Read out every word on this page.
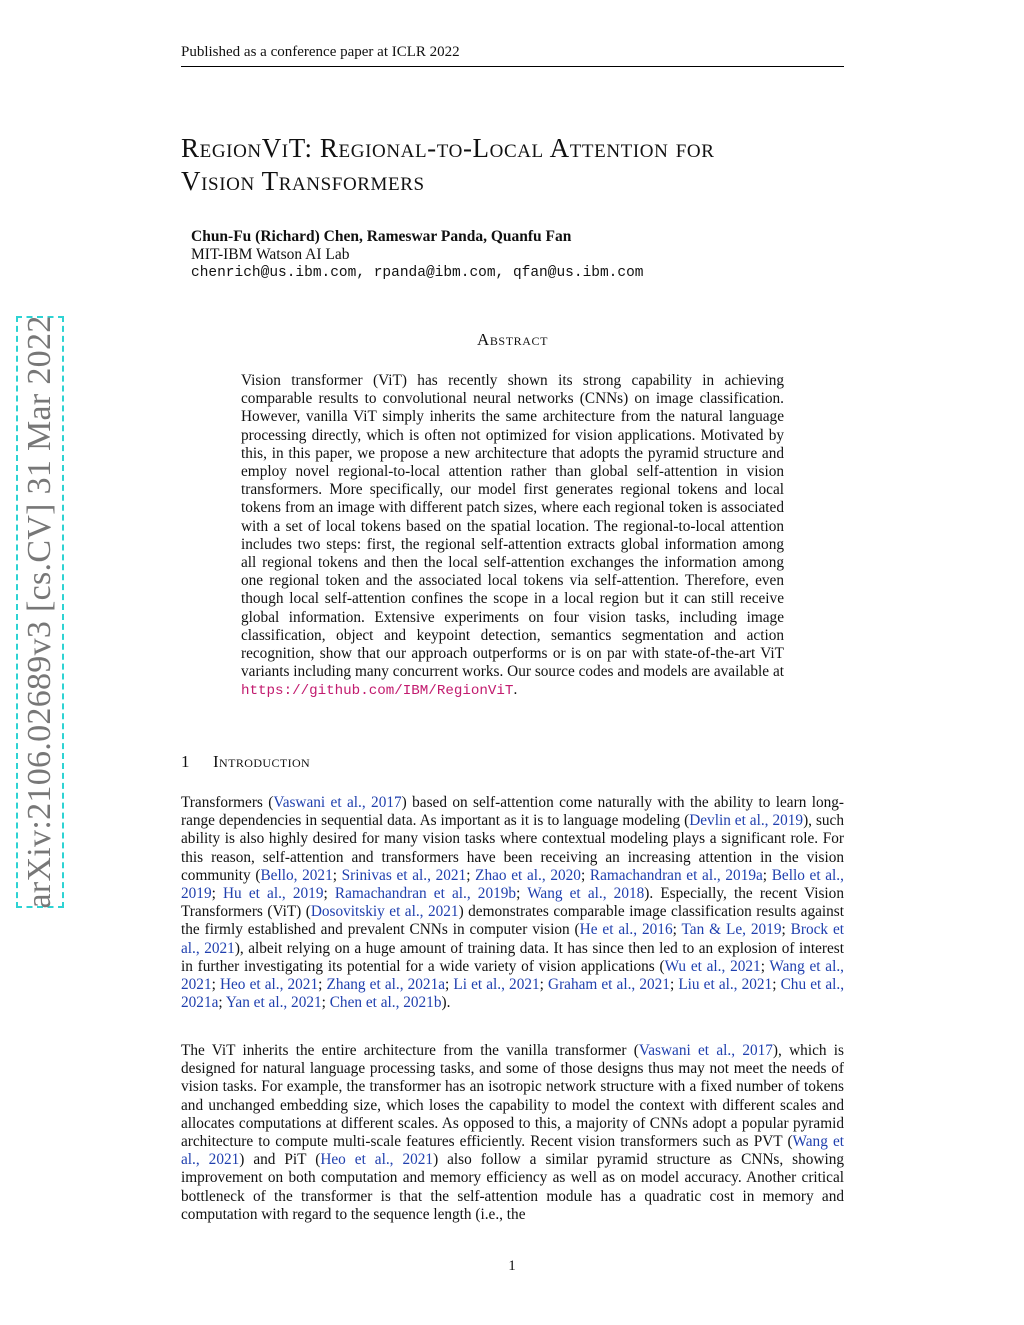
Published as a conference paper at ICLR 2022
arXiv:2106.02689v3 [cs.CV] 31 Mar 2022
RegionViT: Regional-to-Local Attention for
Vision Transformers
Chun-Fu (Richard) Chen, Rameswar Panda, Quanfu Fan
MIT-IBM Watson AI Lab
chenrich@us.ibm.com, rpanda@ibm.com, qfan@us.ibm.com
Abstract
Vision transformer (ViT) has recently shown its strong capability in achieving comparable results to convolutional neural networks (CNNs) on image classification. However, vanilla ViT simply inherits the same architecture from the natural language processing directly, which is often not optimized for vision applications. Motivated by this, in this paper, we propose a new architecture that adopts the pyramid structure and employ novel regional-to-local attention rather than global self-attention in vision transformers. More specifically, our model first generates regional tokens and local tokens from an image with different patch sizes, where each regional token is associated with a set of local tokens based on the spatial location. The regional-to-local attention includes two steps: first, the regional self-attention extracts global information among all regional tokens and then the local self-attention exchanges the information among one regional token and the associated local tokens via self-attention. Therefore, even though local self-attention confines the scope in a local region but it can still receive global information. Extensive experiments on four vision tasks, including image classification, object and keypoint detection, semantics segmentation and action recognition, show that our approach outperforms or is on par with state-of-the-art ViT variants including many concurrent works. Our source codes and models are available at https://github.com/IBM/RegionViT.
1 Introduction
Transformers (Vaswani et al., 2017) based on self-attention come naturally with the ability to learn long-range dependencies in sequential data. As important as it is to language modeling (Devlin et al., 2019), such ability is also highly desired for many vision tasks where contextual modeling plays a significant role. For this reason, self-attention and transformers have been receiving an increasing attention in the vision community (Bello, 2021; Srinivas et al., 2021; Zhao et al., 2020; Ramachandran et al., 2019a; Bello et al., 2019; Hu et al., 2019; Ramachandran et al., 2019b; Wang et al., 2018). Especially, the recent Vision Transformers (ViT) (Dosovitskiy et al., 2021) demonstrates comparable image classification results against the firmly established and prevalent CNNs in computer vision (He et al., 2016; Tan & Le, 2019; Brock et al., 2021), albeit relying on a huge amount of training data. It has since then led to an explosion of interest in further investigating its potential for a wide variety of vision applications (Wu et al., 2021; Wang et al., 2021; Heo et al., 2021; Zhang et al., 2021a; Li et al., 2021; Graham et al., 2021; Liu et al., 2021; Chu et al., 2021a; Yan et al., 2021; Chen et al., 2021b).
The ViT inherits the entire architecture from the vanilla transformer (Vaswani et al., 2017), which is designed for natural language processing tasks, and some of those designs thus may not meet the needs of vision tasks. For example, the transformer has an isotropic network structure with a fixed number of tokens and unchanged embedding size, which loses the capability to model the context with different scales and allocates computations at different scales. As opposed to this, a majority of CNNs adopt a popular pyramid architecture to compute multi-scale features efficiently. Recent vision transformers such as PVT (Wang et al., 2021) and PiT (Heo et al., 2021) also follow a similar pyramid structure as CNNs, showing improvement on both computation and memory efficiency as well as on model accuracy. Another critical bottleneck of the transformer is that the self-attention module has a quadratic cost in memory and computation with regard to the sequence length (i.e., the
1
